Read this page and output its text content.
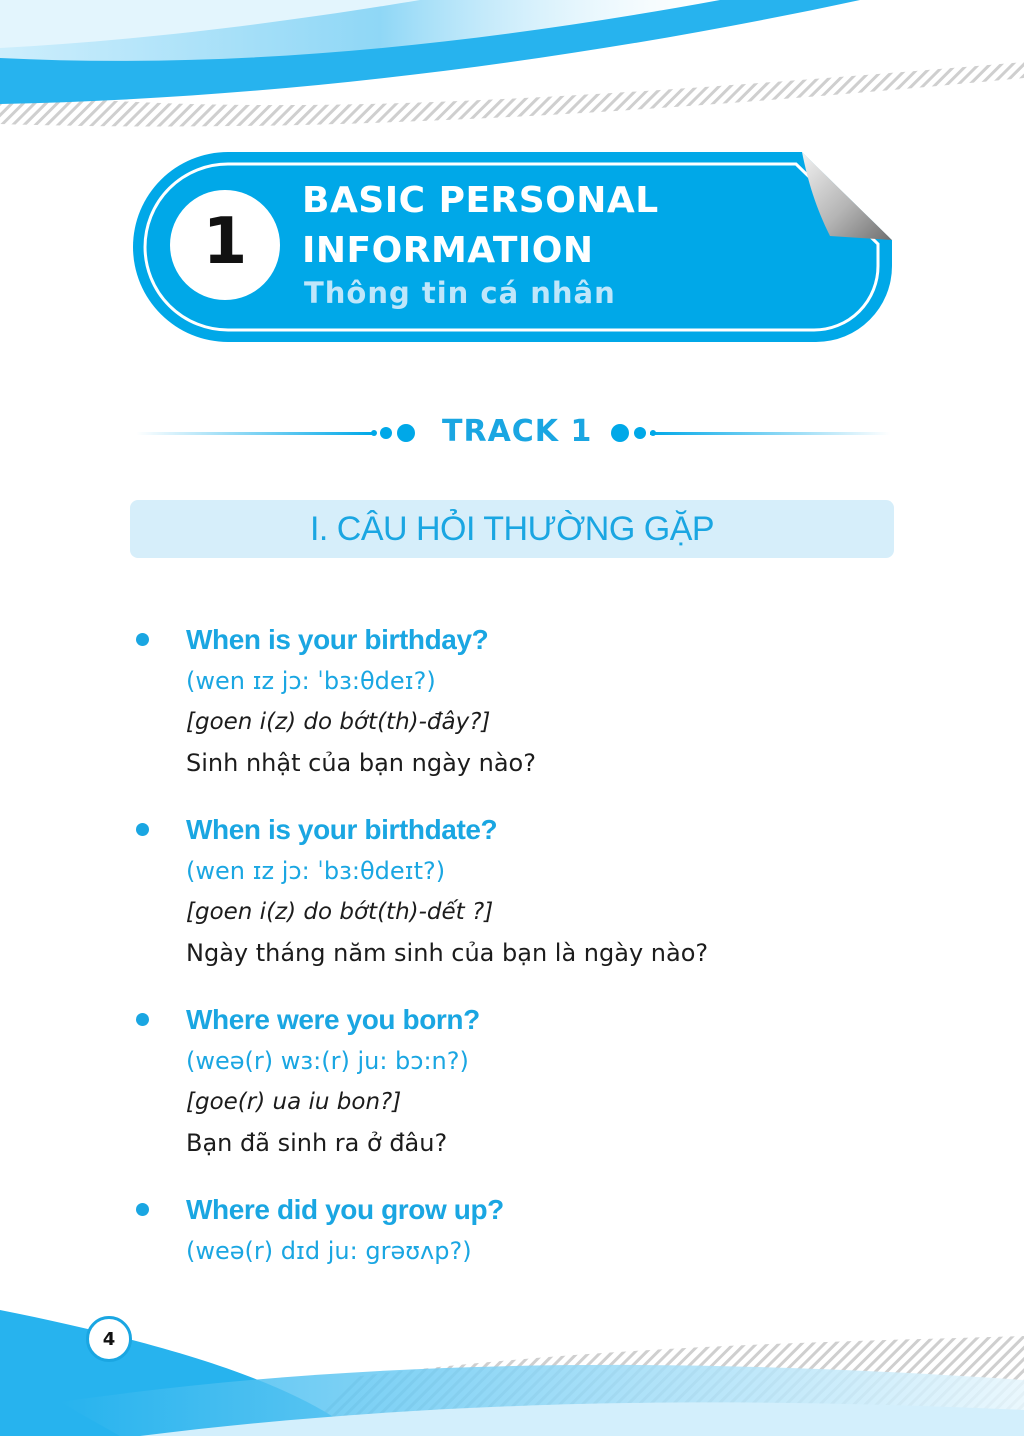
1
BASIC PERSONAL INFORMATION
Thông tin cá nhân
TRACK 1
I. CÂU HỎI THƯỜNG GẶP
When is your birthday?
(wen ɪz jɔ: ˈbɜ:θdeɪ?)
[goen i(z) do bớt(th)-đây?]
Sinh nhật của bạn ngày nào?
When is your birthdate?
(wen ɪz jɔ: ˈbɜ:θdeɪt?)
[goen i(z) do bớt(th)-dết ?]
Ngày tháng năm sinh của bạn là ngày nào?
Where were you born?
(weə(r) wɜ:(r) ju: bɔ:n?)
[goe(r) ua iu bon?]
Bạn đã sinh ra ở đâu?
Where did you grow up?
(weə(r) dɪd ju: grəʊʌp?)
4
